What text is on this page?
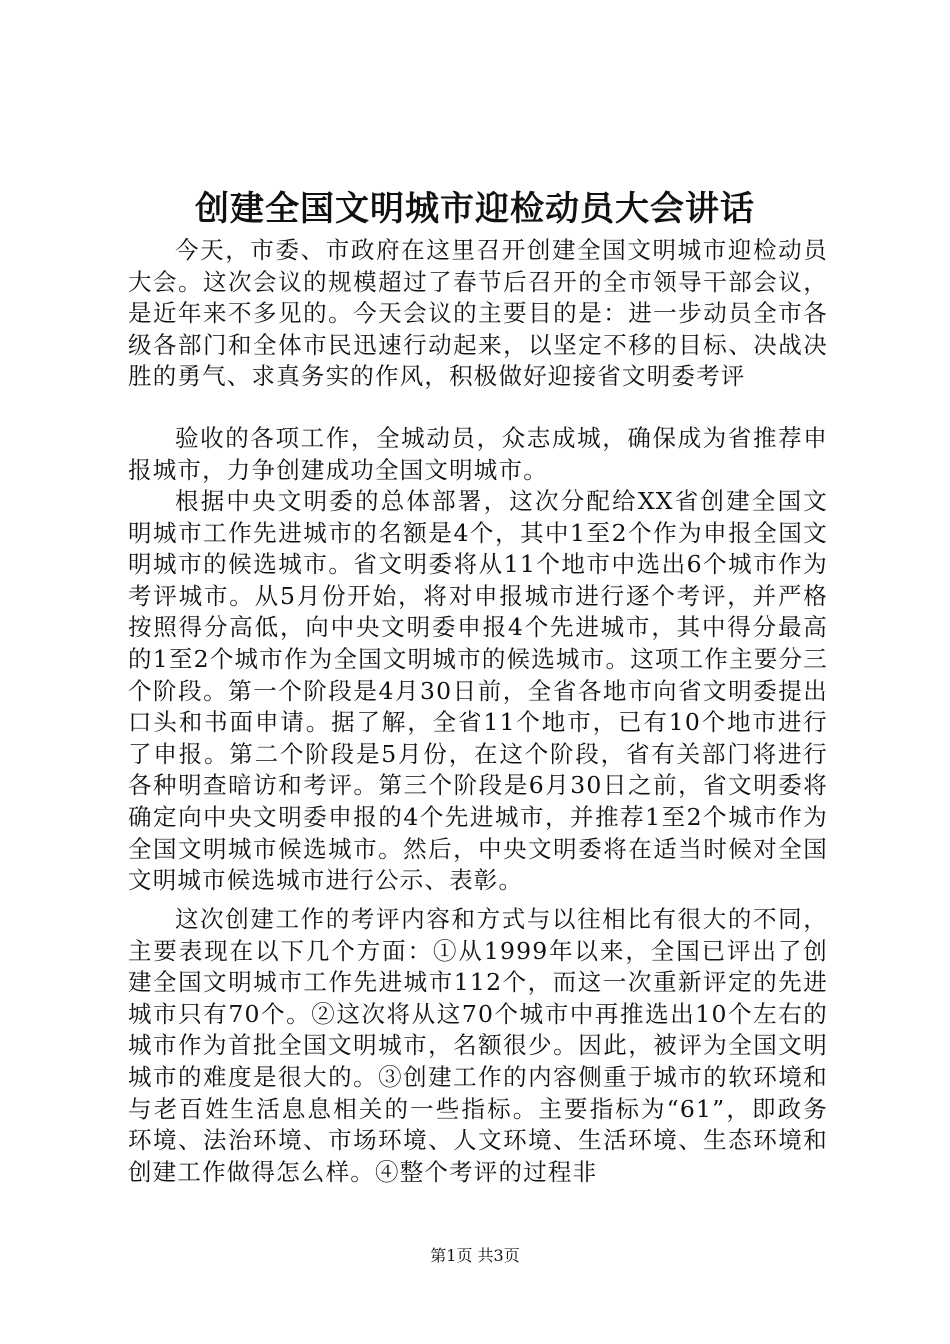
创建全国文明城市迎检动员大会讲话

今天，市委、市政府在这里召开创建全国文明城市迎检动员大会。这次会议的规模超过了春节后召开的全市领导干部会议，是近年来不多见的。今天会议的主要目的是：进一步动员全市各级各部门和全体市民迅速行动起来，以坚定不移的目标、决战决胜的勇气、求真务实的作风，积极做好迎接省文明委考评

验收的各项工作，全城动员，众志成城，确保成为省推荐申报城市，力争创建成功全国文明城市。

根据中央文明委的总体部署，这次分配给XX省创建全国文明城市工作先进城市的名额是4个，其中1至2个作为申报全国文明城市的候选城市。省文明委将从11个地市中选出6个城市作为考评城市。从5月份开始，将对申报城市进行逐个考评，并严格按照得分高低，向中央文明委申报4个先进城市，其中得分最高的1至2个城市作为全国文明城市的候选城市。这项工作主要分三个阶段。第一个阶段是4月30日前，全省各地市向省文明委提出口头和书面申请。据了解，全省11个地市，已有10个地市进行了申报。第二个阶段是5月份，在这个阶段，省有关部门将进行各种明查暗访和考评。第三个阶段是6月30日之前，省文明委将确定向中央文明委申报的4个先进城市，并推荐1至2个城市作为全国文明城市候选城市。然后，中央文明委将在适当时候对全国文明城市候选城市进行公示、表彰。

这次创建工作的考评内容和方式与以往相比有很大的不同，主要表现在以下几个方面：①从1999年以来，全国已评出了创建全国文明城市工作先进城市112个，而这一次重新评定的先进城市只有70个。②这次将从这70个城市中再推选出10个左右的城市作为首批全国文明城市，名额很少。因此，被评为全国文明城市的难度是很大的。③创建工作的内容侧重于城市的软环境和与老百姓生活息息相关的一些指标。主要指标为“61”，即政务环境、法治环境、市场环境、人文环境、生活环境、生态环境和创建工作做得怎么样。④整个考评的过程非

第1页 共3页
